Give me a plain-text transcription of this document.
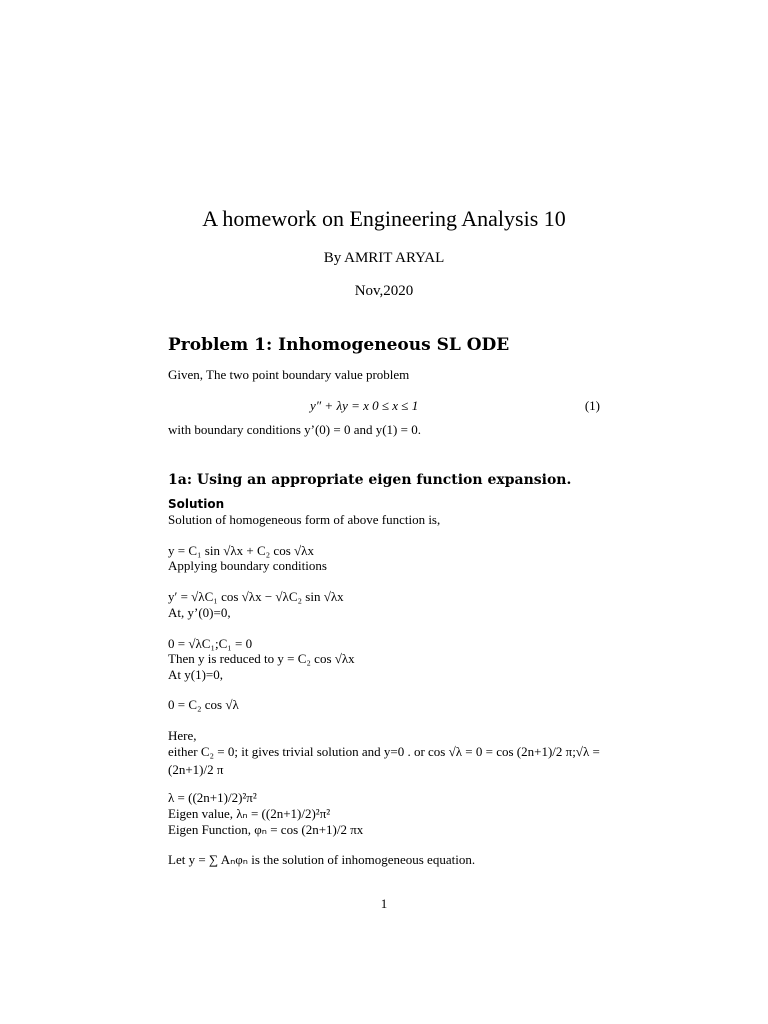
A homework on Engineering Analysis 10
By AMRIT ARYAL
Nov,2020
Problem 1: Inhomogeneous SL ODE
Given, The two point boundary value problem
y″ + λy = x 0 ≤ x ≤ 1	(1)
with boundary conditions y’(0) = 0 and y(1) = 0.
1a: Using an appropriate eigen function expansion.
Solution
Solution of homogeneous form of above function is,
y = C₁ sin √λx + C₂ cos √λx
Applying boundary conditions
y′ = √λC₁ cos √λx − √λC₂ sin √λx
At, y’(0)=0,
0 = √λC₁;C₁ = 0
Then y is reduced to y = C₂ cos √λx
At y(1)=0,
0 = C₂ cos √λ
Here,
either C₂ = 0; it gives trivial solution and y=0 . or cos √λ = 0 = cos (2n+1)/2 π;√λ =
(2n+1)/2 π
λ = ((2n+1)/2)²π²
Eigen value, λₙ = ((2n+1)/2)²π²
Eigen Function, φₙ = cos (2n+1)/2 πx
Let y = ∑ Aₙφₙ is the solution of inhomogeneous equation.
1
